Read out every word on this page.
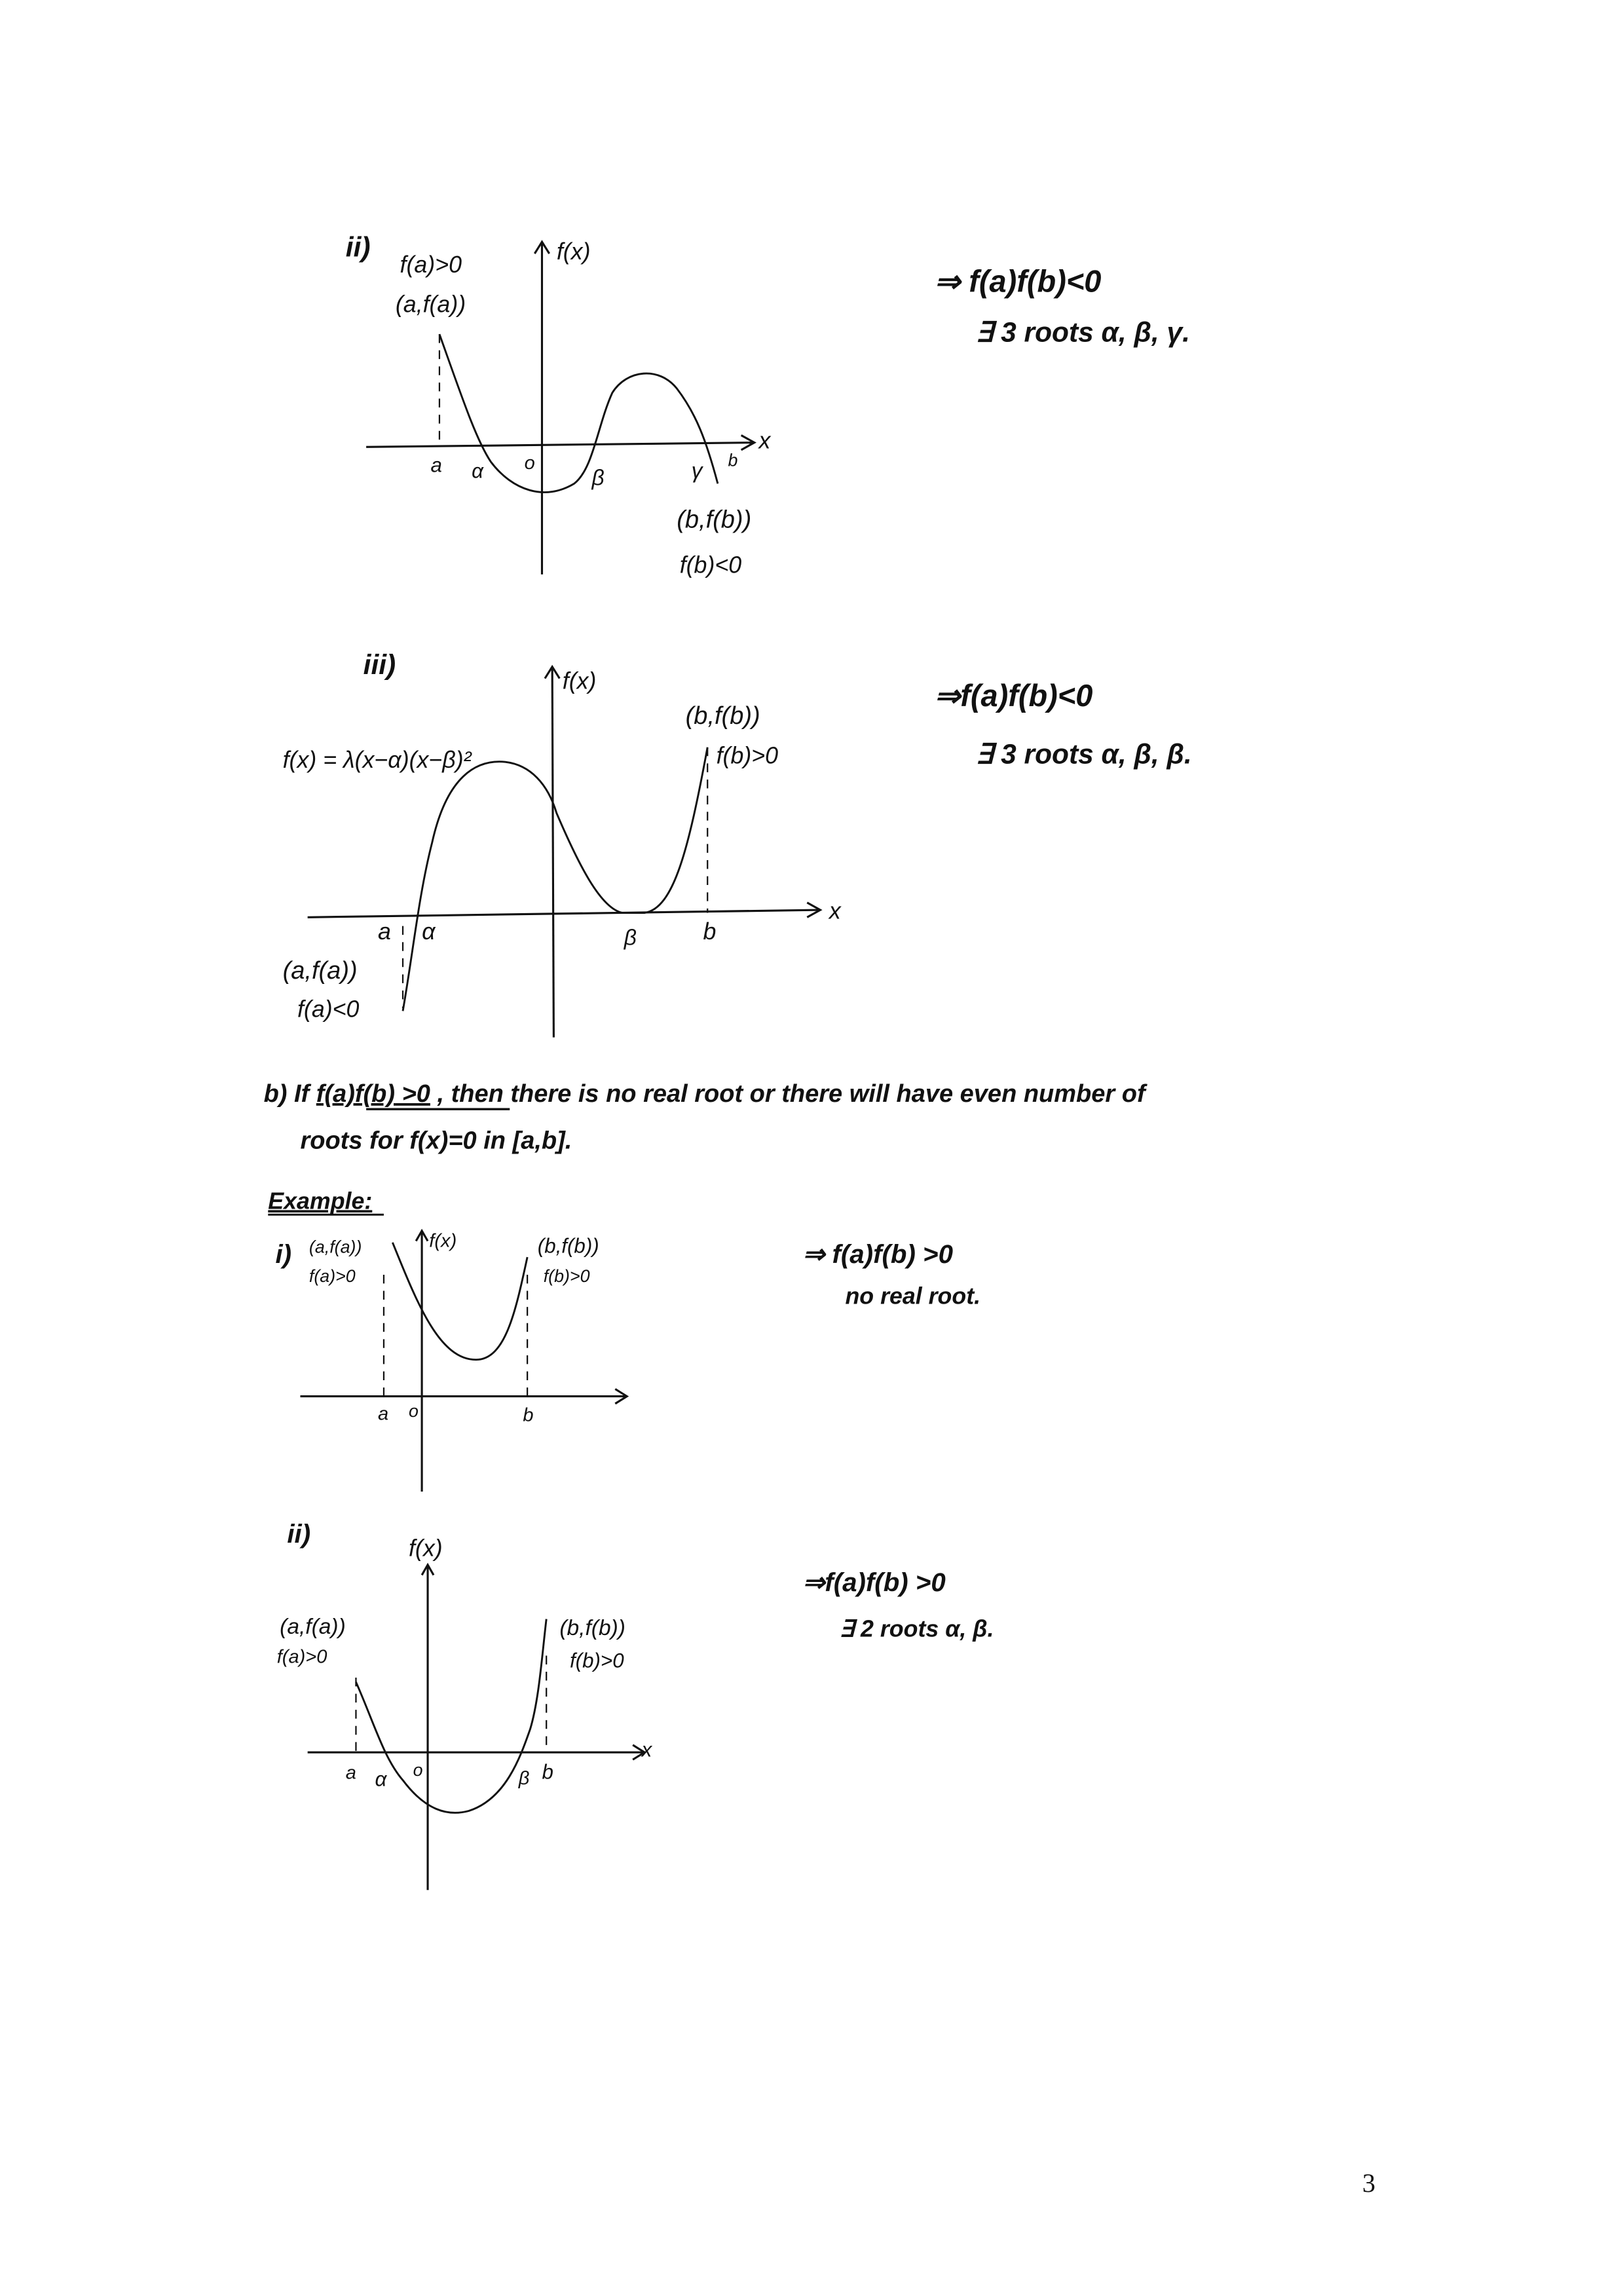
ii)
f(a)>0
(a,f(a))
f(x)
x
a	α	o
β	γ	b
(b,f(b))
f(b)<0
⇒ f(a)f(b)<0
∃ 3 roots α, β, γ.
iii)
f(x)
x
f(x) = λ(x−α)(x−β)²
a	α	β	b
(b,f(b))
f(b)>0
(a,f(a))
f(a)<0
⇒f(a)f(b)<0
∃ 3 roots α, β, β.
b) If f(a)f(b) >0 , then there is no real root or there will have even number of
roots for f(x)=0 in [a,b].
Example:
i) (a,f(a))
f(a)>0
f(x)
a	o	b
(b,f(b))
f(b)>0
⇒ f(a)f(b) >0
no real root.
ii)	f(x)
x
a α	o	β b
(a,f(a))
f(a)>0
(b,f(b))
f(b)>0
⇒f(a)f(b) >0
∃ 2 roots α, β.
3
